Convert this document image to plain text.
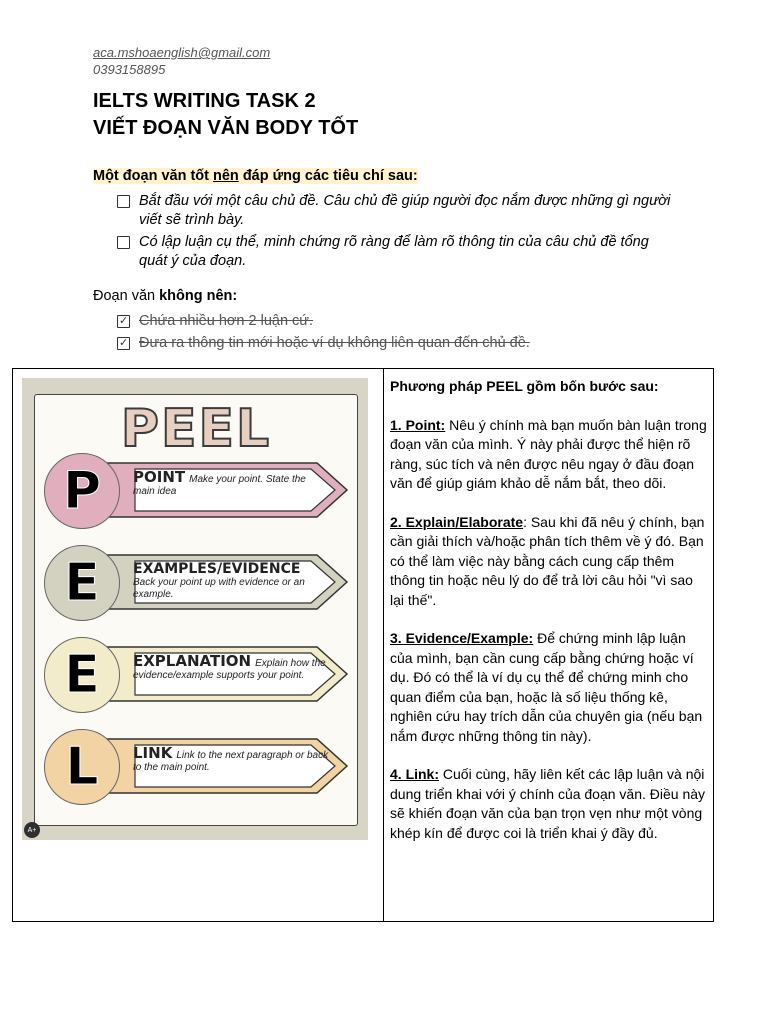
aca.mshoaenglish@gmail.com
0393158895
IELTS WRITING TASK 2
VIẾT ĐOẠN VĂN BODY TỐT
Một đoạn văn tốt nên đáp ứng các tiêu chí sau:
Bắt đầu với một câu chủ đề. Câu chủ đề giúp người đọc nắm được những gì người viết sẽ trình bày.
Có lập luận cụ thể, minh chứng rõ ràng để làm rõ thông tin của câu chủ đề tổng quát ý của đoạn.
Đoạn văn không nên:
✓
Chứa nhiều hơn 2 luận cứ.
✓
Đưa ra thông tin mới hoặc ví dụ không liên quan đến chủ đề.
PEEL
P	POINT Make your point. State the main idea
E	EXAMPLES/EVIDENCE
Back your point up with evidence or an example.
E	EXPLANATION Explain how the evidence/example supports your point.
L	LINK Link to the next paragraph or back to the main point.
A+

Phương pháp PEEL gồm bốn bước sau:

1. Point: Nêu ý chính mà bạn muốn bàn luận trong đoạn văn của mình. Ý này phải được thể hiện rõ ràng, súc tích và nên được nêu ngay ở đầu đoạn văn để giúp giám khảo dễ nắm bắt, theo dõi.

2. Explain/Elaborate: Sau khi đã nêu ý chính, bạn cần giải thích và/hoặc phân tích thêm về ý đó. Bạn có thể làm việc này bằng cách cung cấp thêm thông tin hoặc nêu lý do để trả lời câu hỏi "vì sao lại thế".

3. Evidence/Example: Để chứng minh lập luận của mình, bạn cần cung cấp bằng chứng hoặc ví dụ. Đó có thể là ví dụ cụ thể để chứng minh cho quan điểm của bạn, hoặc là số liệu thống kê, nghiên cứu hay trích dẫn của chuyên gia (nếu bạn nắm được những thông tin này).

4. Link: Cuối cùng, hãy liên kết các lập luận và nội dung triển khai với ý chính của đoạn văn. Điều này sẽ khiến đoạn văn của bạn trọn vẹn như một vòng khép kín để được coi là triển khai ý đầy đủ.
